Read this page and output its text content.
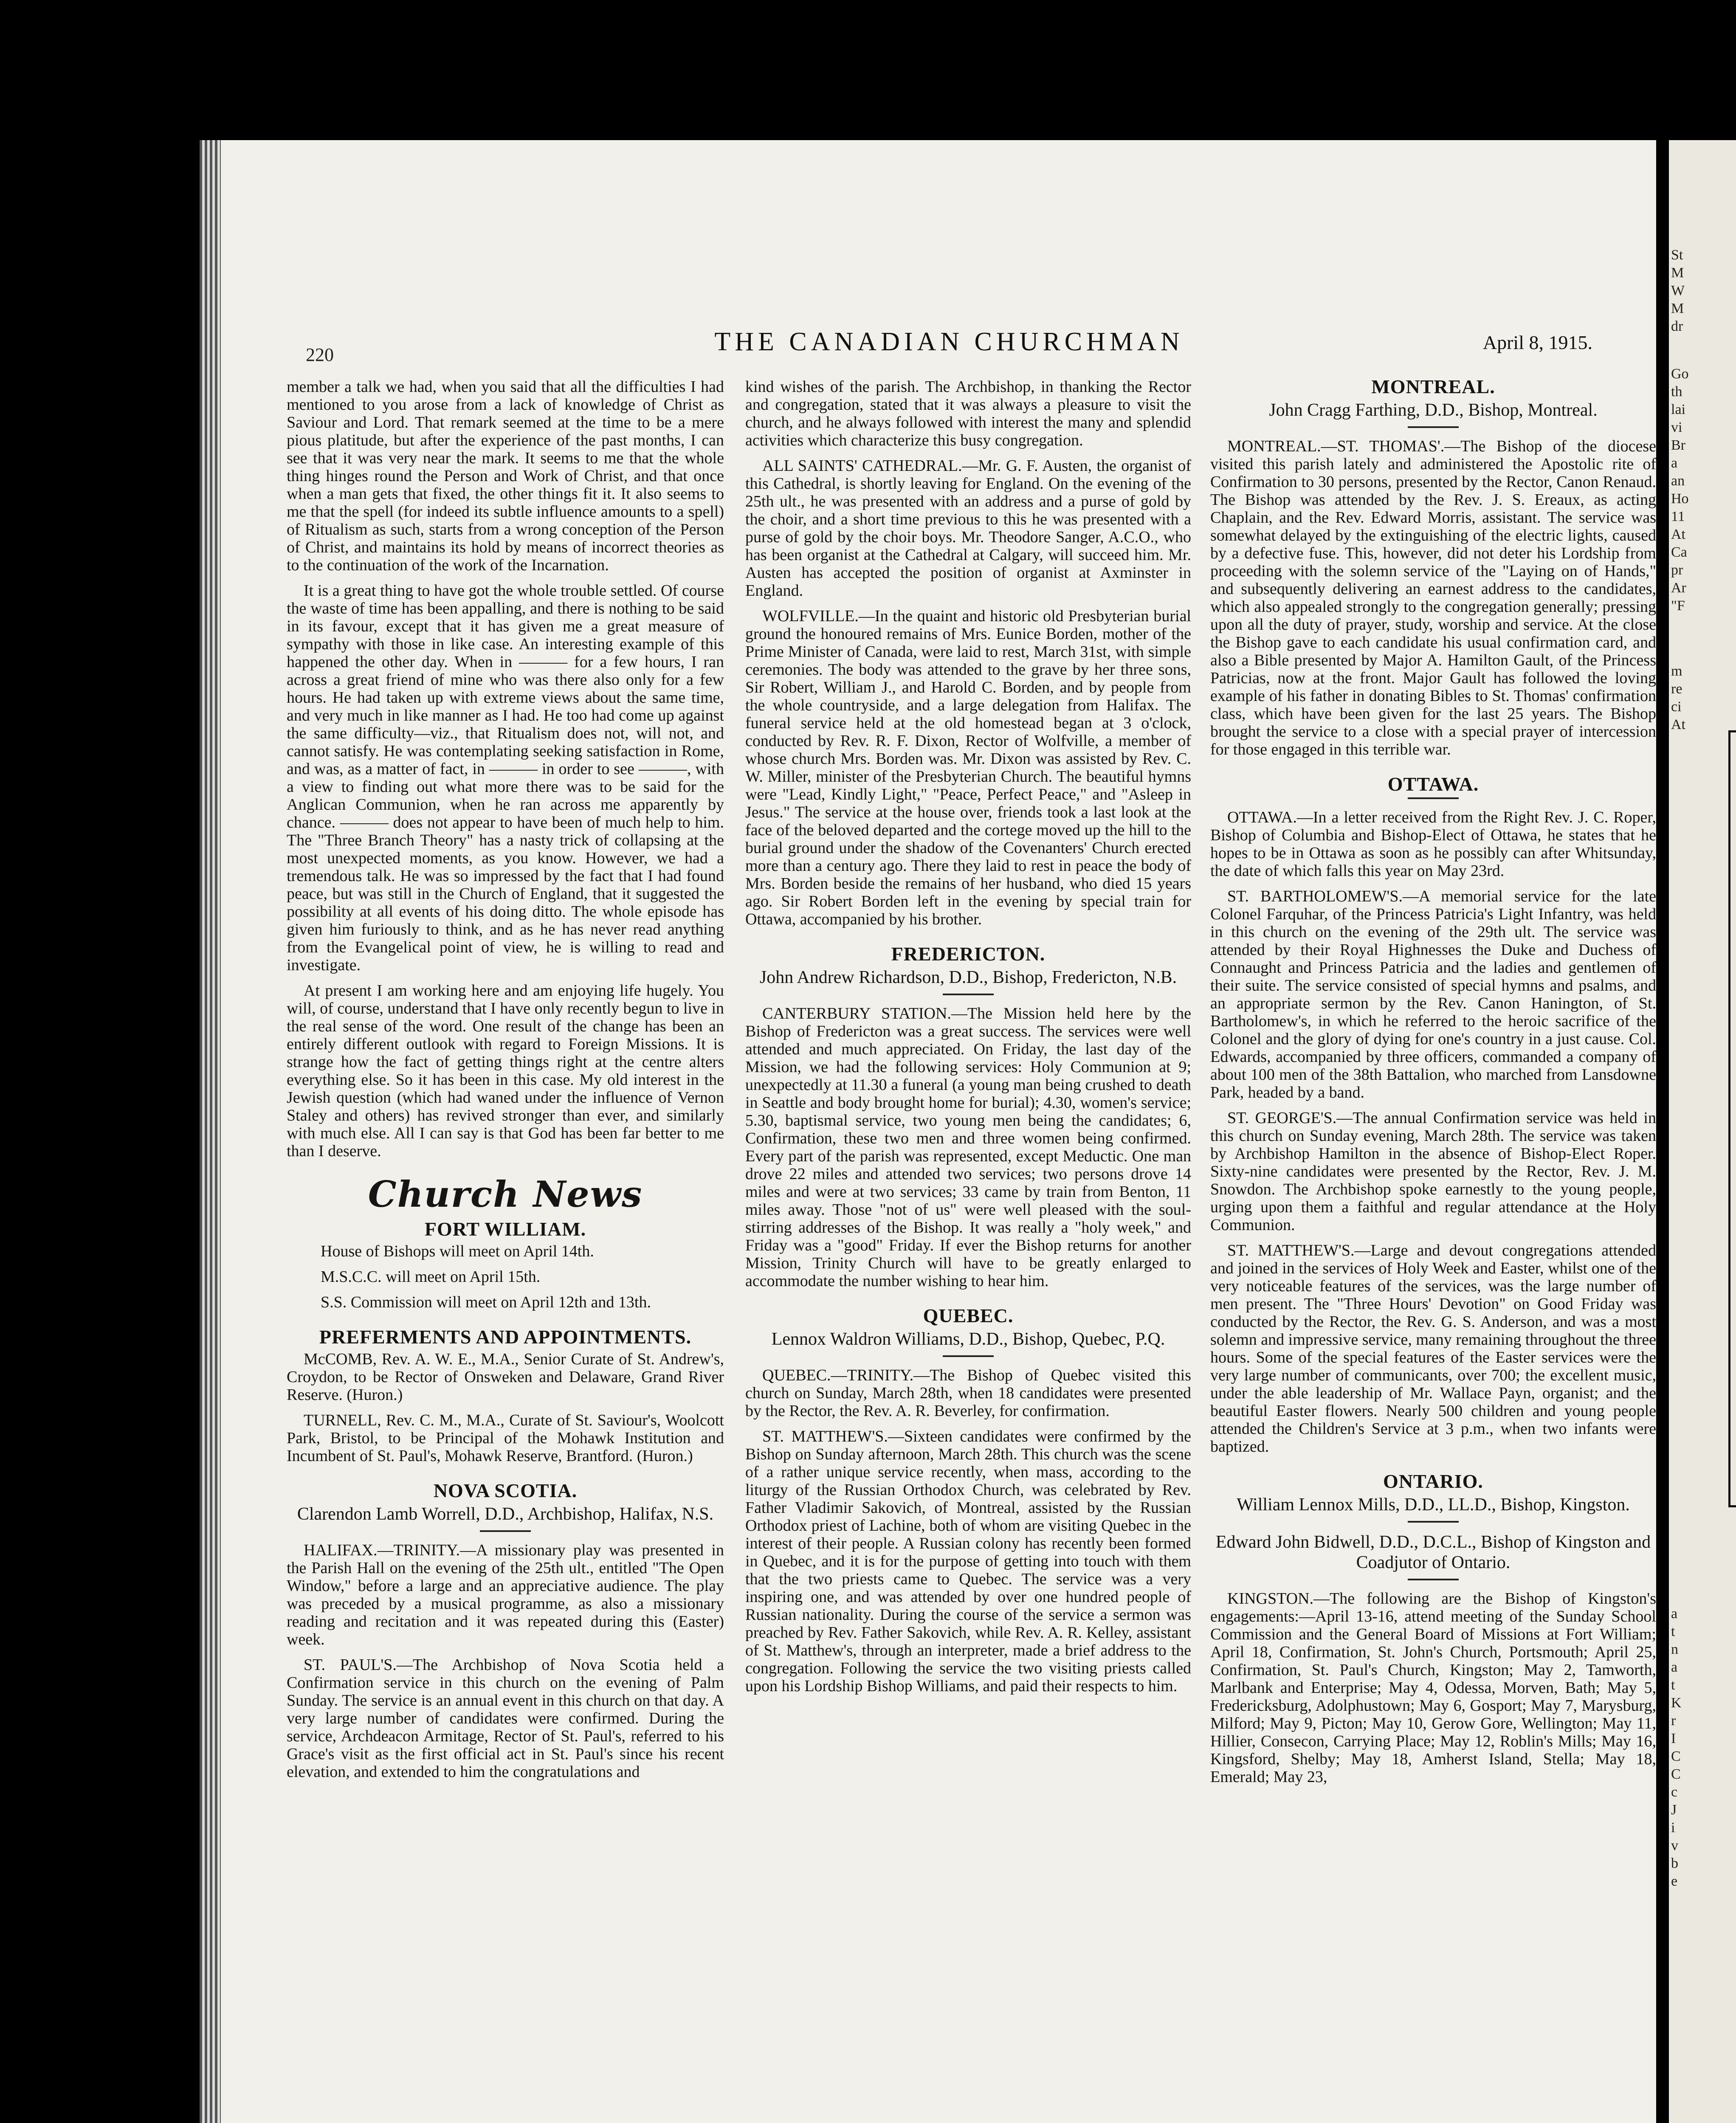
220	THE CANADIAN CHURCHMAN	April 8, 1915.

member a talk we had, when you said that all the difficulties I had mentioned to you arose from a lack of knowledge of Christ as Saviour and Lord. That remark seemed at the time to be a mere pious platitude, but after the experience of the past months, I can see that it was very near the mark. It seems to me that the whole thing hinges round the Person and Work of Christ, and that once when a man gets that fixed, the other things fit it. It also seems to me that the spell (for indeed its subtle influence amounts to a spell) of Ritualism as such, starts from a wrong conception of the Person of Christ, and maintains its hold by means of incorrect theories as to the continuation of the work of the Incarnation.

It is a great thing to have got the whole trouble settled. Of course the waste of time has been appalling, and there is nothing to be said in its favour, except that it has given me a great measure of sympathy with those in like case. An interesting example of this happened the other day. When in ——— for a few hours, I ran across a great friend of mine who was there also only for a few hours. He had taken up with extreme views about the same time, and very much in like manner as I had. He too had come up against the same difficulty—viz., that Ritualism does not, will not, and cannot satisfy. He was contemplating seeking satisfaction in Rome, and was, as a matter of fact, in ——— in order to see ———, with a view to finding out what more there was to be said for the Anglican Communion, when he ran across me apparently by chance. ——— does not appear to have been of much help to him. The "Three Branch Theory" has a nasty trick of collapsing at the most unexpected moments, as you know. However, we had a tremendous talk. He was so impressed by the fact that I had found peace, but was still in the Church of England, that it suggested the possibility at all events of his doing ditto. The whole episode has given him furiously to think, and as he has never read anything from the Evangelical point of view, he is willing to read and investigate.

At present I am working here and am enjoying life hugely. You will, of course, understand that I have only recently begun to live in the real sense of the word. One result of the change has been an entirely different outlook with regard to Foreign Missions. It is strange how the fact of getting things right at the centre alters everything else. So it has been in this case. My old interest in the Jewish question (which had waned under the influence of Vernon Staley and others) has revived stronger than ever, and similarly with much else. All I can say is that God has been far better to me than I deserve.

Church News
FORT WILLIAM.

House of Bishops will meet on April 14th.

M.S.C.C. will meet on April 15th.

S.S. Commission will meet on April 12th and 13th.

PREFERMENTS AND APPOINTMENTS.

McCOMB, Rev. A. W. E., M.A., Senior Curate of St. Andrew's, Croydon, to be Rector of Onsweken and Delaware, Grand River Reserve. (Huron.)

TURNELL, Rev. C. M., M.A., Curate of St. Saviour's, Woolcott Park, Bristol, to be Principal of the Mohawk Institution and Incumbent of St. Paul's, Mohawk Reserve, Brantford. (Huron.)

NOVA SCOTIA.
Clarendon Lamb Worrell, D.D., Archbishop, Halifax, N.S.

HALIFAX.—TRINITY.—A missionary play was presented in the Parish Hall on the evening of the 25th ult., entitled "The Open Window," before a large and an appreciative audience. The play was preceded by a musical programme, as also a missionary reading and recitation and it was repeated during this (Easter) week.

ST. PAUL'S.—The Archbishop of Nova Scotia held a Confirmation service in this church on the evening of Palm Sunday. The service is an annual event in this church on that day. A very large number of candidates were confirmed. During the service, Archdeacon Armitage, Rector of St. Paul's, referred to his Grace's visit as the first official act in St. Paul's since his recent elevation, and extended to him the congratulations and

kind wishes of the parish. The Archbishop, in thanking the Rector and congregation, stated that it was always a pleasure to visit the church, and he always followed with interest the many and splendid activities which characterize this busy congregation.

ALL SAINTS' CATHEDRAL.—Mr. G. F. Austen, the organist of this Cathedral, is shortly leaving for England. On the evening of the 25th ult., he was presented with an address and a purse of gold by the choir, and a short time previous to this he was presented with a purse of gold by the choir boys. Mr. Theodore Sanger, A.C.O., who has been organist at the Cathedral at Calgary, will succeed him. Mr. Austen has accepted the position of organist at Axminster in England.

WOLFVILLE.—In the quaint and historic old Presbyterian burial ground the honoured remains of Mrs. Eunice Borden, mother of the Prime Minister of Canada, were laid to rest, March 31st, with simple ceremonies. The body was attended to the grave by her three sons, Sir Robert, William J., and Harold C. Borden, and by people from the whole countryside, and a large delegation from Halifax. The funeral service held at the old homestead began at 3 o'clock, conducted by Rev. R. F. Dixon, Rector of Wolfville, a member of whose church Mrs. Borden was. Mr. Dixon was assisted by Rev. C. W. Miller, minister of the Presbyterian Church. The beautiful hymns were "Lead, Kindly Light," "Peace, Perfect Peace," and "Asleep in Jesus." The service at the house over, friends took a last look at the face of the beloved departed and the cortege moved up the hill to the burial ground under the shadow of the Covenanters' Church erected more than a century ago. There they laid to rest in peace the body of Mrs. Borden beside the remains of her husband, who died 15 years ago. Sir Robert Borden left in the evening by special train for Ottawa, accompanied by his brother.

FREDERICTON.
John Andrew Richardson, D.D., Bishop, Fredericton, N.B.

CANTERBURY STATION.—The Mission held here by the Bishop of Fredericton was a great success. The services were well attended and much appreciated. On Friday, the last day of the Mission, we had the following services: Holy Communion at 9; unexpectedly at 11.30 a funeral (a young man being crushed to death in Seattle and body brought home for burial); 4.30, women's service; 5.30, baptismal service, two young men being the candidates; 6, Confirmation, these two men and three women being confirmed. Every part of the parish was represented, except Meductic. One man drove 22 miles and attended two services; two persons drove 14 miles and were at two services; 33 came by train from Benton, 11 miles away. Those "not of us" were well pleased with the soul-stirring addresses of the Bishop. It was really a "holy week," and Friday was a "good" Friday. If ever the Bishop returns for another Mission, Trinity Church will have to be greatly enlarged to accommodate the number wishing to hear him.

QUEBEC.
Lennox Waldron Williams, D.D., Bishop, Quebec, P.Q.

QUEBEC.—TRINITY.—The Bishop of Quebec visited this church on Sunday, March 28th, when 18 candidates were presented by the Rector, the Rev. A. R. Beverley, for confirmation.

ST. MATTHEW'S.—Sixteen candidates were confirmed by the Bishop on Sunday afternoon, March 28th. This church was the scene of a rather unique service recently, when mass, according to the liturgy of the Russian Orthodox Church, was celebrated by Rev. Father Vladimir Sakovich, of Montreal, assisted by the Russian Orthodox priest of Lachine, both of whom are visiting Quebec in the interest of their people. A Russian colony has recently been formed in Quebec, and it is for the purpose of getting into touch with them that the two priests came to Quebec. The service was a very inspiring one, and was attended by over one hundred people of Russian nationality. During the course of the service a sermon was preached by Rev. Father Sakovich, while Rev. A. R. Kelley, assistant of St. Matthew's, through an interpreter, made a brief address to the congregation. Following the service the two visiting priests called upon his Lordship Bishop Williams, and paid their respects to him.

MONTREAL.
John Cragg Farthing, D.D., Bishop, Montreal.

MONTREAL.—ST. THOMAS'.—The Bishop of the diocese visited this parish lately and administered the Apostolic rite of Confirmation to 30 persons, presented by the Rector, Canon Renaud. The Bishop was attended by the Rev. J. S. Ereaux, as acting Chaplain, and the Rev. Edward Morris, assistant. The service was somewhat delayed by the extinguishing of the electric lights, caused by a defective fuse. This, however, did not deter his Lordship from proceeding with the solemn service of the "Laying on of Hands," and subsequently delivering an earnest address to the candidates, which also appealed strongly to the congregation generally; pressing upon all the duty of prayer, study, worship and service. At the close the Bishop gave to each candidate his usual confirmation card, and also a Bible presented by Major A. Hamilton Gault, of the Princess Patricias, now at the front. Major Gault has followed the loving example of his father in donating Bibles to St. Thomas' confirmation class, which have been given for the last 25 years. The Bishop brought the service to a close with a special prayer of intercession for those engaged in this terrible war.

OTTAWA.

OTTAWA.—In a letter received from the Right Rev. J. C. Roper, Bishop of Columbia and Bishop-Elect of Ottawa, he states that he hopes to be in Ottawa as soon as he possibly can after Whitsunday, the date of which falls this year on May 23rd.

ST. BARTHOLOMEW'S.—A memorial service for the late Colonel Farquhar, of the Princess Patricia's Light Infantry, was held in this church on the evening of the 29th ult. The service was attended by their Royal Highnesses the Duke and Duchess of Connaught and Princess Patricia and the ladies and gentlemen of their suite. The service consisted of special hymns and psalms, and an appropriate sermon by the Rev. Canon Hanington, of St. Bartholomew's, in which he referred to the heroic sacrifice of the Colonel and the glory of dying for one's country in a just cause. Col. Edwards, accompanied by three officers, commanded a company of about 100 men of the 38th Battalion, who marched from Lansdowne Park, headed by a band.

ST. GEORGE'S.—The annual Confirmation service was held in this church on Sunday evening, March 28th. The service was taken by Archbishop Hamilton in the absence of Bishop-Elect Roper. Sixty-nine candidates were presented by the Rector, Rev. J. M. Snowdon. The Archbishop spoke earnestly to the young people, urging upon them a faithful and regular attendance at the Holy Communion.

ST. MATTHEW'S.—Large and devout congregations attended and joined in the services of Holy Week and Easter, whilst one of the very noticeable features of the services, was the large number of men present. The "Three Hours' Devotion" on Good Friday was conducted by the Rector, the Rev. G. S. Anderson, and was a most solemn and impressive service, many remaining throughout the three hours. Some of the special features of the Easter services were the very large number of communicants, over 700; the excellent music, under the able leadership of Mr. Wallace Payn, organist; and the beautiful Easter flowers. Nearly 500 children and young people attended the Children's Service at 3 p.m., when two infants were baptized.

ONTARIO.
William Lennox Mills, D.D., LL.D., Bishop, Kingston.
Edward John Bidwell, D.D., D.C.L., Bishop of Kingston and Coadjutor of Ontario.

KINGSTON.—The following are the Bishop of Kingston's engagements:—April 13-16, attend meeting of the Sunday School Commission and the General Board of Missions at Fort William; April 18, Confirmation, St. John's Church, Portsmouth; April 25, Confirmation, St. Paul's Church, Kingston; May 2, Tamworth, Marlbank and Enterprise; May 4, Odessa, Morven, Bath; May 5, Fredericksburg, Adolphustown; May 6, Gosport; May 7, Marysburg, Milford; May 9, Picton; May 10, Gerow Gore, Wellington; May 11, Hillier, Consecon, Carrying Place; May 12, Roblin's Mills; May 16, Kingsford, Shelby; May 18, Amherst Island, Stella; May 18, Emerald; May 23,

St
M
W
M
dr
Go
th
lai
vi
Br
a
an
Ho
11
At
Ca
pr
Ar
"F
m
re
ci
At
a
t
n
a
t
K
r
I
C
C
c
J
i
v
b
e
